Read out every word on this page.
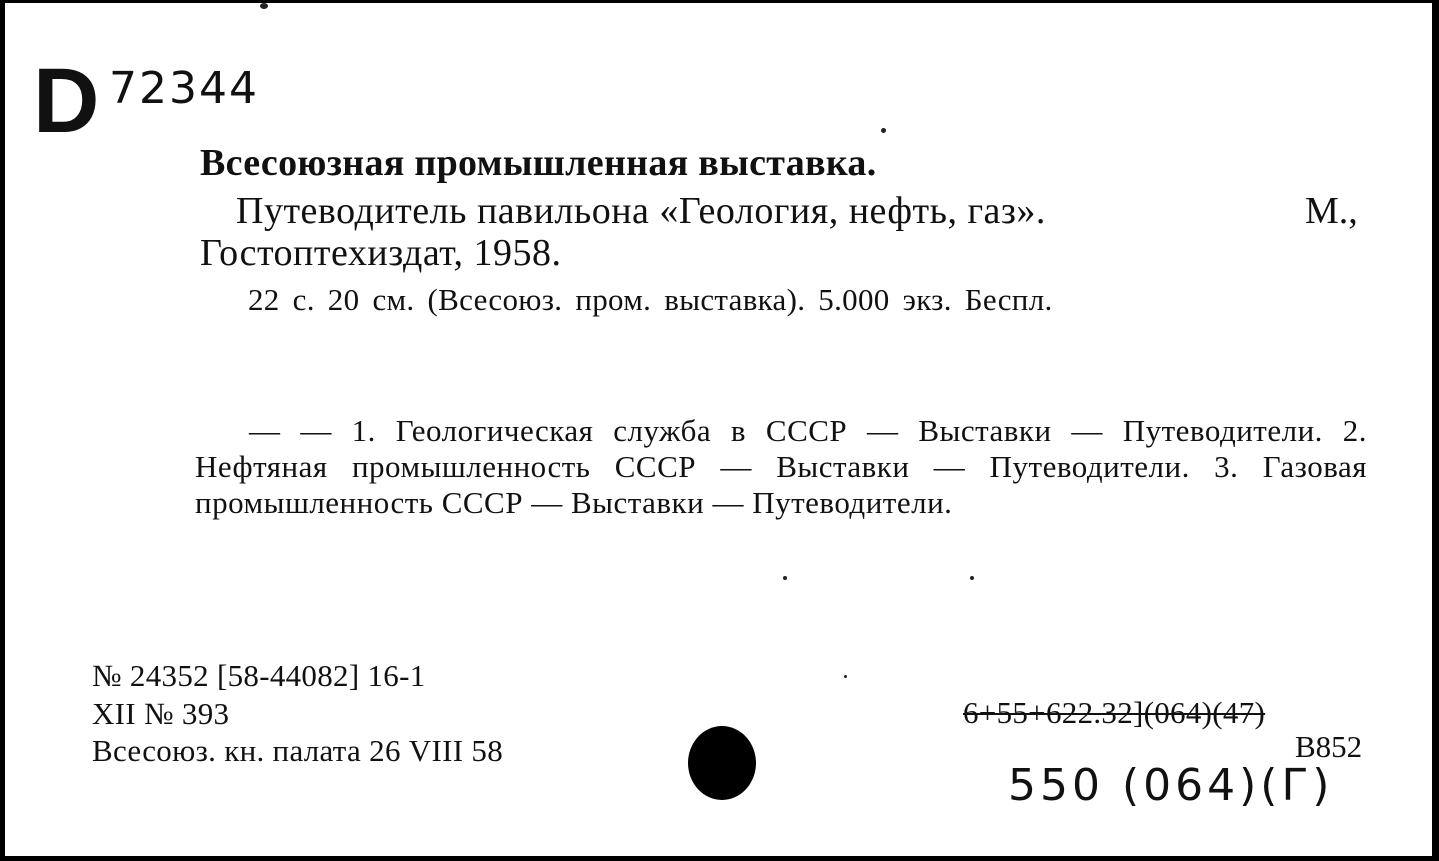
D 72344
Всесоюзная промышленная выставка.
Путеводитель павильона «Геология, нефть, газ».	М.,
Гостоптехиздат, 1958.
22 с. 20 см. (Всесоюз. пром. выставка). 5.000 экз. Беспл.
— — 1. Геологическая служба в СССР — Выставки — Путеводители. 2. Нефтяная промышленность СССР — Выставки — Путеводители. 3. Газовая промышленность СССР — Выставки — Путеводители.
№ 24352 [58-44082] 16-1
XII № 393
Всесоюз. кн. палата 26 VIII 58
6+55+622.32](064)(47)
В852
550 (064)(Г)
